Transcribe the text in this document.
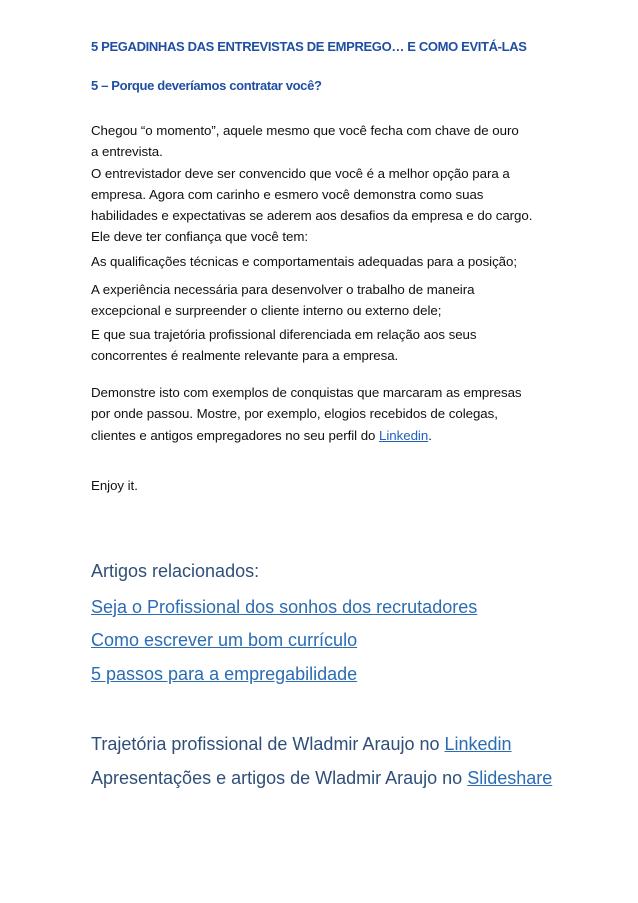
5 PEGADINHAS DAS ENTREVISTAS DE EMPREGO… E COMO EVITÁ-LAS
5 – Porque deveríamos contratar você?
Chegou “o momento”, aquele mesmo que você fecha com chave de ouro
a entrevista.
O entrevistador deve ser convencido que você é a melhor opção para a
empresa. Agora com carinho e esmero você demonstra como suas
habilidades e expectativas se aderem aos desafios da empresa e do cargo.
Ele deve ter confiança que você tem:
As qualificações técnicas e comportamentais adequadas para a posição;
A experiência necessária para desenvolver o trabalho de maneira
excepcional e surpreender o cliente interno ou externo dele;
E que sua trajetória profissional diferenciada em relação aos seus
concorrentes é realmente relevante para a empresa.
Demonstre isto com exemplos de conquistas que marcaram as empresas
por onde passou. Mostre, por exemplo, elogios recebidos de colegas,
clientes e antigos empregadores no seu perfil do Linkedin.
Enjoy it.
Artigos relacionados:
Seja o Profissional dos sonhos dos recrutadores
Como escrever um bom currículo
5 passos para a empregabilidade
Trajetória profissional de Wladmir Araujo no Linkedin
Apresentações e artigos de Wladmir Araujo no Slideshare
